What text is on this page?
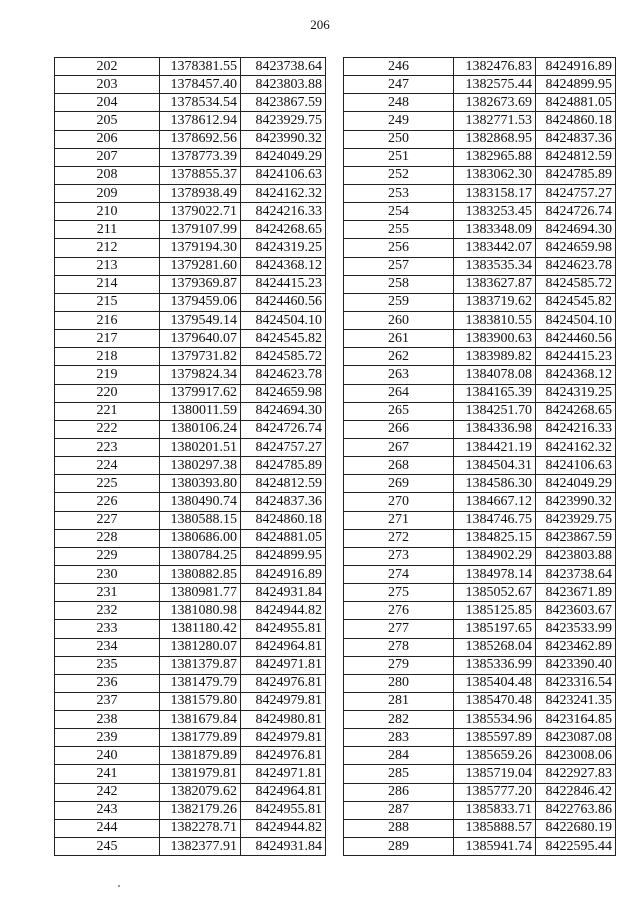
206
202	1378381.55	8423738.64
203	1378457.40	8423803.88
204	1378534.54	8423867.59
205	1378612.94	8423929.75
206	1378692.56	8423990.32
207	1378773.39	8424049.29
208	1378855.37	8424106.63
209	1378938.49	8424162.32
210	1379022.71	8424216.33
211	1379107.99	8424268.65
212	1379194.30	8424319.25
213	1379281.60	8424368.12
214	1379369.87	8424415.23
215	1379459.06	8424460.56
216	1379549.14	8424504.10
217	1379640.07	8424545.82
218	1379731.82	8424585.72
219	1379824.34	8424623.78
220	1379917.62	8424659.98
221	1380011.59	8424694.30
222	1380106.24	8424726.74
223	1380201.51	8424757.27
224	1380297.38	8424785.89
225	1380393.80	8424812.59
226	1380490.74	8424837.36
227	1380588.15	8424860.18
228	1380686.00	8424881.05
229	1380784.25	8424899.95
230	1380882.85	8424916.89
231	1380981.77	8424931.84
232	1381080.98	8424944.82
233	1381180.42	8424955.81
234	1381280.07	8424964.81
235	1381379.87	8424971.81
236	1381479.79	8424976.81
237	1381579.80	8424979.81
238	1381679.84	8424980.81
239	1381779.89	8424979.81
240	1381879.89	8424976.81
241	1381979.81	8424971.81
242	1382079.62	8424964.81
243	1382179.26	8424955.81
244	1382278.71	8424944.82
245	1382377.91	8424931.84
246	1382476.83	8424916.89
247	1382575.44	8424899.95
248	1382673.69	8424881.05
249	1382771.53	8424860.18
250	1382868.95	8424837.36
251	1382965.88	8424812.59
252	1383062.30	8424785.89
253	1383158.17	8424757.27
254	1383253.45	8424726.74
255	1383348.09	8424694.30
256	1383442.07	8424659.98
257	1383535.34	8424623.78
258	1383627.87	8424585.72
259	1383719.62	8424545.82
260	1383810.55	8424504.10
261	1383900.63	8424460.56
262	1383989.82	8424415.23
263	1384078.08	8424368.12
264	1384165.39	8424319.25
265	1384251.70	8424268.65
266	1384336.98	8424216.33
267	1384421.19	8424162.32
268	1384504.31	8424106.63
269	1384586.30	8424049.29
270	1384667.12	8423990.32
271	1384746.75	8423929.75
272	1384825.15	8423867.59
273	1384902.29	8423803.88
274	1384978.14	8423738.64
275	1385052.67	8423671.89
276	1385125.85	8423603.67
277	1385197.65	8423533.99
278	1385268.04	8423462.89
279	1385336.99	8423390.40
280	1385404.48	8423316.54
281	1385470.48	8423241.35
282	1385534.96	8423164.85
283	1385597.89	8423087.08
284	1385659.26	8423008.06
285	1385719.04	8422927.83
286	1385777.20	8422846.42
287	1385833.71	8422763.86
288	1385888.57	8422680.19
289	1385941.74	8422595.44
